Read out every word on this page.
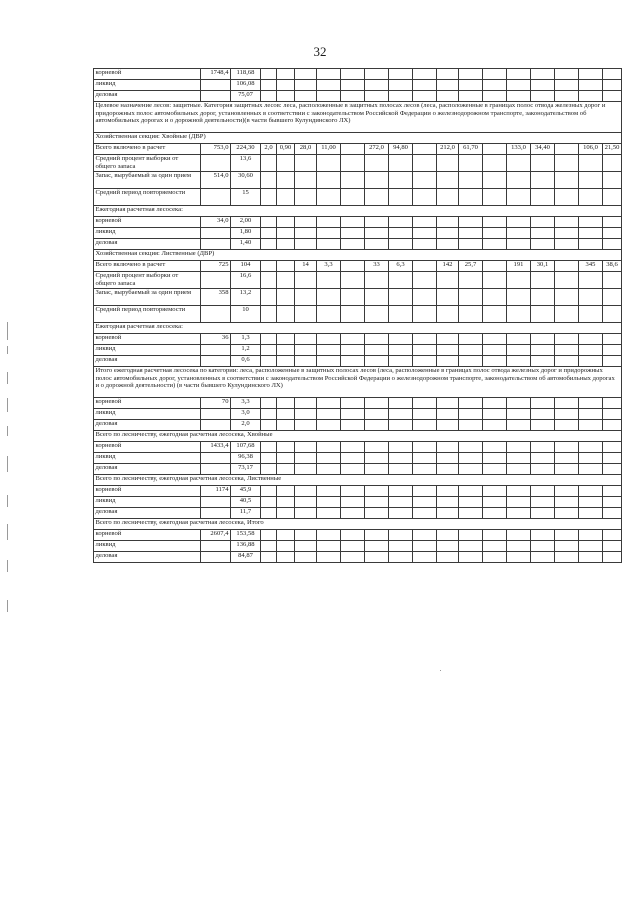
32
корневой	1748,4	118,68																
ликвид		106,08																
деловая		75,07																
Целевое назначение лесов: защитные. Категория защитных лесов: леса, расположенные в защитных полосах лесов (леса, расположенные в границах полос отвода железных дорог и придорожных полос автомобильных дорог, установленных в соответствии с законодательством Российской Федерации о железнодорожном транспорте, законодательством об автомобильных дорогах и о дорожной деятельности)(в части бывшего Кулундинского ЛХ)																		
Хозяйственная секция: Хвойные (ДВР)																		
Всего включено в расчет	753,0	224,30	2,0	0,90	28,0	11,00		272,0	94,80		212,0	61,70		133,0	34,40		106,0	21,50
Средний процент выборки от общего запаса		13,6																
Запас, вырубаемый за один прием	514,0	30,60																
Средний период повторяемости		15																
Ежегодная расчетная лесосека:																		
корневой	34,0	2,00																
ликвид		1,80																
деловая		1,40																
Хозяйственная секция: Лиственные (ДВР)																		
Всего включено в расчет	725	104			14	3,3		33	6,3		142	25,7		191	30,1		345	38,6
Средний процент выборки от общего запаса		16,6																
Запас, вырубаемый за один прием	358	13,2																
Средний период повторяемости		10																
Ежегодная расчетная лесосека:																		
корневой	36	1,3																
ликвид		1,2																
деловая		0,6																
Итого ежегодная расчетная лесосека по категории: леса, расположенные в защитных полосах лесов (леса, расположенные в границах полос отвода железных дорог и придорожных полос автомобильных дорог, установленных в соответствии с законодательством Российской Федерации о железнодорожном транспорте, законодательством об автомобильных дорогах и о дорожной деятельности) (в части бывшего Кулундинского ЛХ)																		
корневой	70	3,3																
ликвид		3,0																
деловая		2,0																
Всего по лесничеству, ежегодная расчетная лесосека, Хвойные																		
корневой	1433,4	107,68																
ликвид		96,38																
деловая		73,17																
Всего по лесничеству, ежегодная расчетная лесосека, Лиственные																		
корневой	1174	45,9																
ликвид		40,5																
деловая		11,7																
Всего по лесничеству, ежегодная расчетная лесосека, Итого																		
корневой	2607,4	153,58																
ликвид		136,88																
деловая		84,87																
